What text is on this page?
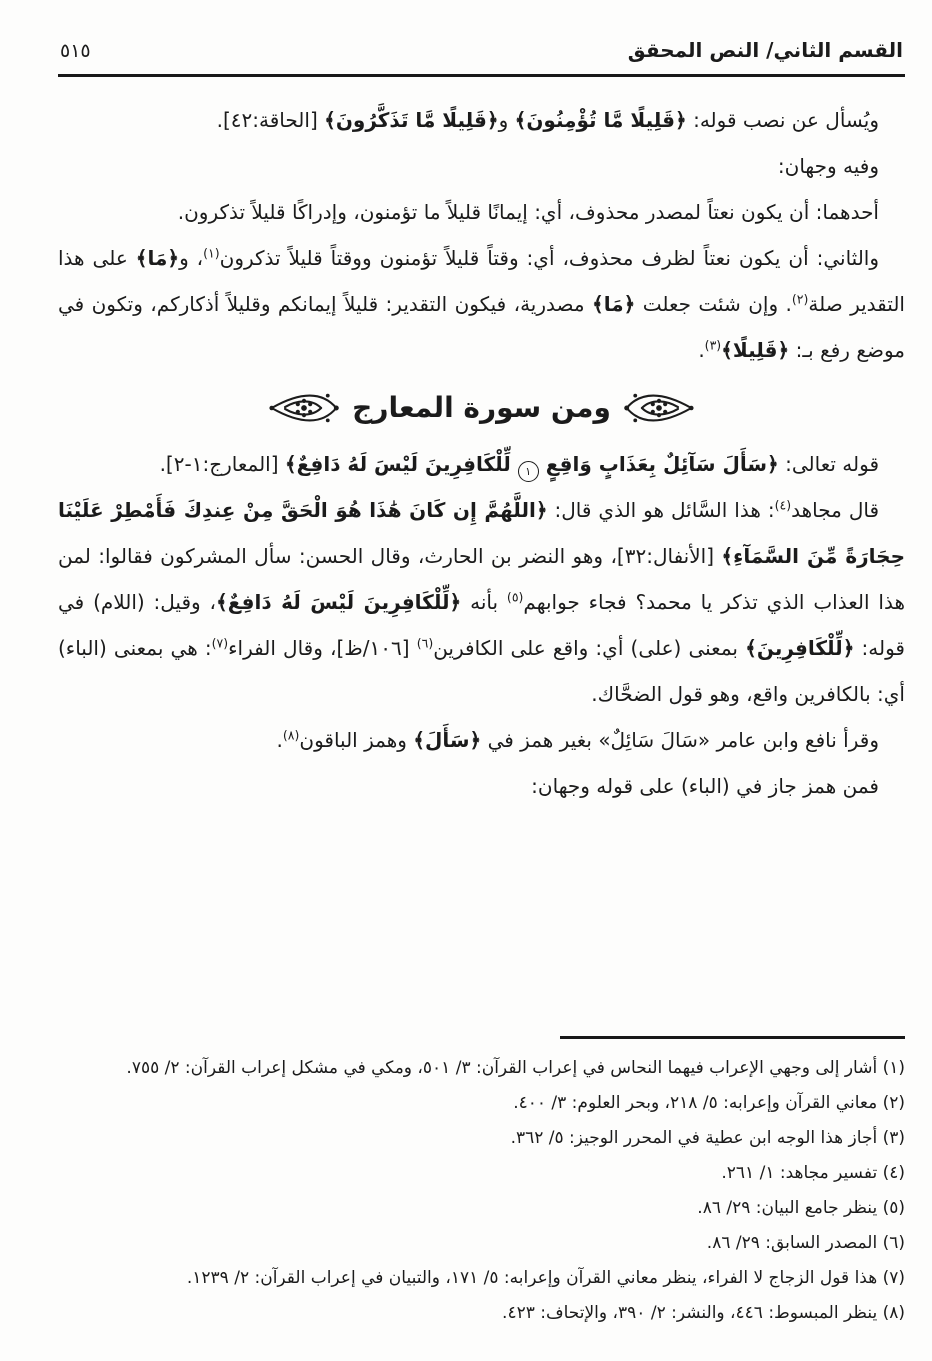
القسم الثاني/ النص المحقق
٥١٥

ويُسأل عن نصب قوله: ﴿قَلِيلًا مَّا تُؤْمِنُونَ﴾ و﴿قَلِيلًا مَّا تَذَكَّرُونَ﴾ [الحاقة:٤٢].

وفيه وجهان:

أحدهما: أن يكون نعتاً لمصدر محذوف، أي: إيمانًا قليلاً ما تؤمنون، وإدراكًا قليلاً تذكرون.

والثاني: أن يكون نعتاً لظرف محذوف، أي: وقتاً قليلاً تؤمنون ووقتاً قليلاً تذكرون$^{(١)}$، و﴿مَا﴾ على هذا التقدير صلة$^{(٢)}$. وإن شئت جعلت ﴿مَا﴾ مصدرية، فيكون التقدير: قليلاً إيمانكم وقليلاً أذكاركم، وتكون في موضع رفع بـ: ﴿قَلِيلًا﴾$^{(٣)}$.

ومن سورة المعارج

قوله تعالى: ﴿سَأَلَ سَآئِلٌ بِعَذَابٍ وَاقِعٍ ١ لِّلْكَافِرِينَ لَيْسَ لَهُ دَافِعٌ﴾ [المعارج:١-٢].

قال مجاهد$^{(٤)}$: هذا السَّائل هو الذي قال: ﴿اللَّهُمَّ إِن كَانَ هَٰذَا هُوَ الْحَقَّ مِنْ عِندِكَ فَأَمْطِرْ عَلَيْنَا حِجَارَةً مِّنَ السَّمَآءِ﴾ [الأنفال:٣٢]، وهو النضر بن الحارث، وقال الحسن: سأل المشركون فقالوا: لمن هذا العذاب الذي تذكر يا محمد؟ فجاء جوابهم$^{(٥)}$ بأنه ﴿لِّلْكَافِرِينَ لَيْسَ لَهُ دَافِعٌ﴾، وقيل: (اللام) في قوله: ﴿لِّلْكَافِرِينَ﴾ بمعنى (على) أي: واقع على الكافرين$^{(٦)}$ [١٠٦/ظ]، وقال الفراء$^{(٧)}$: هي بمعنى (الباء) أي: بالكافرين واقع، وهو قول الضحَّاك.

وقرأ نافع وابن عامر «سَالَ سَائِلٌ» بغير همز في ﴿سَأَلَ﴾ وهمز الباقون$^{(٨)}$.

فمن همز جاز في (الباء) على قوله وجهان:

(١) أشار إلى وجهي الإعراب فيهما النحاس في إعراب القرآن: ٣/ ٥٠١، ومكي في مشكل إعراب القرآن: ٢/ ٧٥٥.
(٢) معاني القرآن وإعرابه: ٥/ ٢١٨، وبحر العلوم: ٣/ ٤٠٠.
(٣) أجاز هذا الوجه ابن عطية في المحرر الوجيز: ٥/ ٣٦٢.
(٤) تفسير مجاهد: ١/ ٢٦١.
(٥) ينظر جامع البيان: ٢٩/ ٨٦.
(٦) المصدر السابق: ٢٩/ ٨٦.
(٧) هذا قول الزجاج لا الفراء، ينظر معاني القرآن وإعرابه: ٥/ ١٧١، والتبيان في إعراب القرآن: ٢/ ١٢٣٩.
(٨) ينظر المبسوط: ٤٤٦، والنشر: ٢/ ٣٩٠، والإتحاف: ٤٢٣.
